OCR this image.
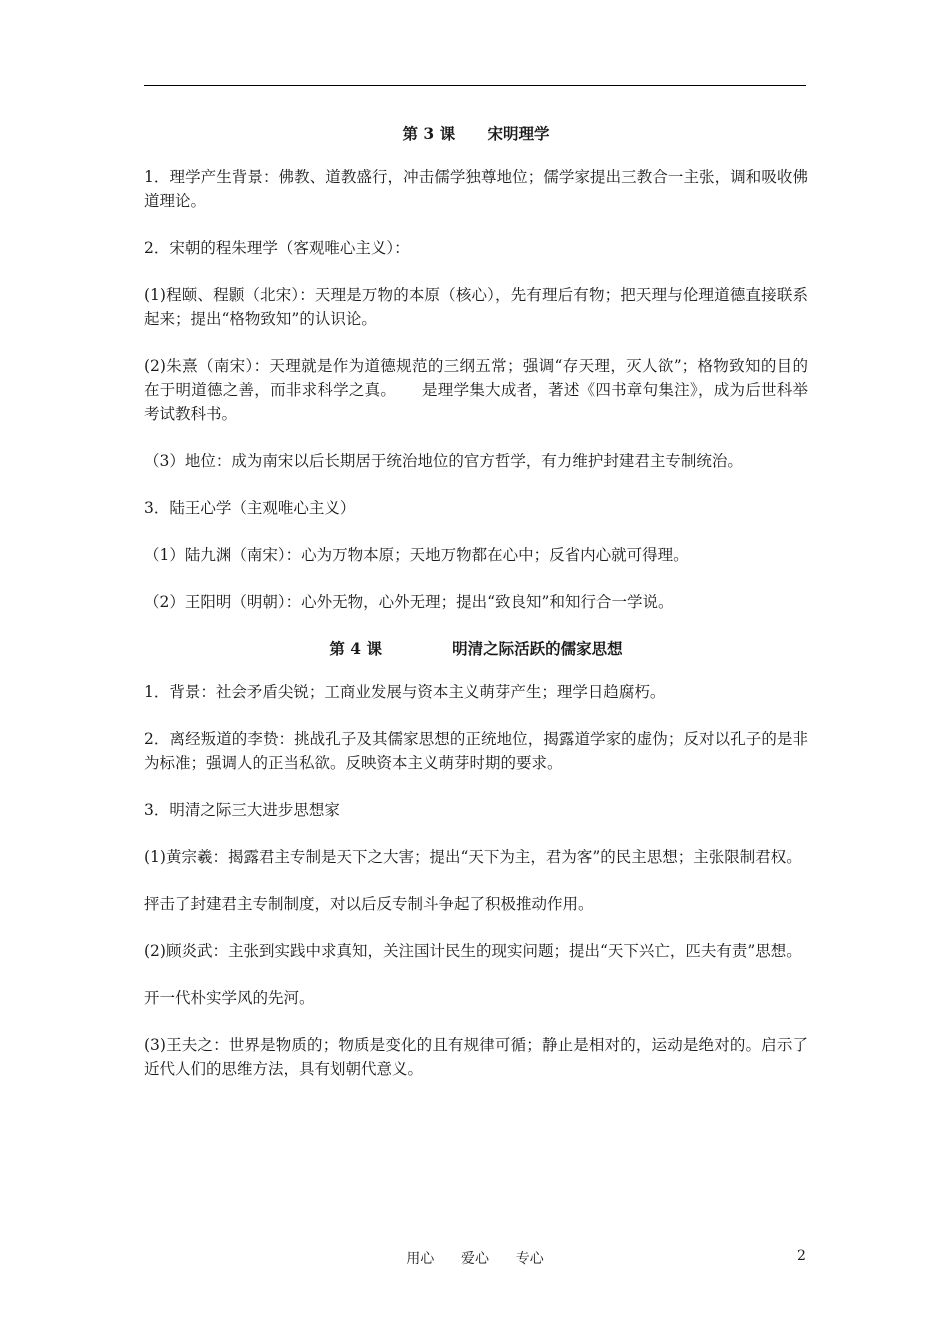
第 3 课      宋明理学

1．理学产生背景：佛教、道教盛行，冲击儒学独尊地位；儒学家提出三教合一主张，调和吸收佛道理论。

2．宋朝的程朱理学（客观唯心主义）：

(1)程颐、程颢（北宋）：天理是万物的本原（核心），先有理后有物；把天理与伦理道德直接联系起来；提出“格物致知”的认识论。

(2)朱熹（南宋）：天理就是作为道德规范的三纲五常；强调“存天理，灭人欲”；格物致知的目的在于明道德之善，而非求科学之真。     是理学集大成者，著述《四书章句集注》，成为后世科举考试教科书。

（3）地位：成为南宋以后长期居于统治地位的官方哲学，有力维护封建君主专制统治。

3．陆王心学（主观唯心主义）

（1）陆九渊（南宋）：心为万物本原；天地万物都在心中；反省内心就可得理。

（2）王阳明（明朝）：心外无物，心外无理；提出“致良知”和知行合一学说。

第 4 课             明清之际活跃的儒家思想

1．背景：社会矛盾尖锐；工商业发展与资本主义萌芽产生；理学日趋腐朽。

2．离经叛道的李贽：挑战孔子及其儒家思想的正统地位，揭露道学家的虚伪；反对以孔子的是非为标准；强调人的正当私欲。反映资本主义萌芽时期的要求。

3．明清之际三大进步思想家

(1)黄宗羲：揭露君主专制是天下之大害；提出“天下为主，君为客”的民主思想；主张限制君权。

抨击了封建君主专制制度，对以后反专制斗争起了积极推动作用。

(2)顾炎武：主张到实践中求真知，关注国计民生的现实问题；提出“天下兴亡，匹夫有责”思想。

开一代朴实学风的先河。

(3)王夫之：世界是物质的；物质是变化的且有规律可循；静止是相对的，运动是绝对的。启示了近代人们的思维方法，具有划朝代意义。

用心      爱心      专心	2
